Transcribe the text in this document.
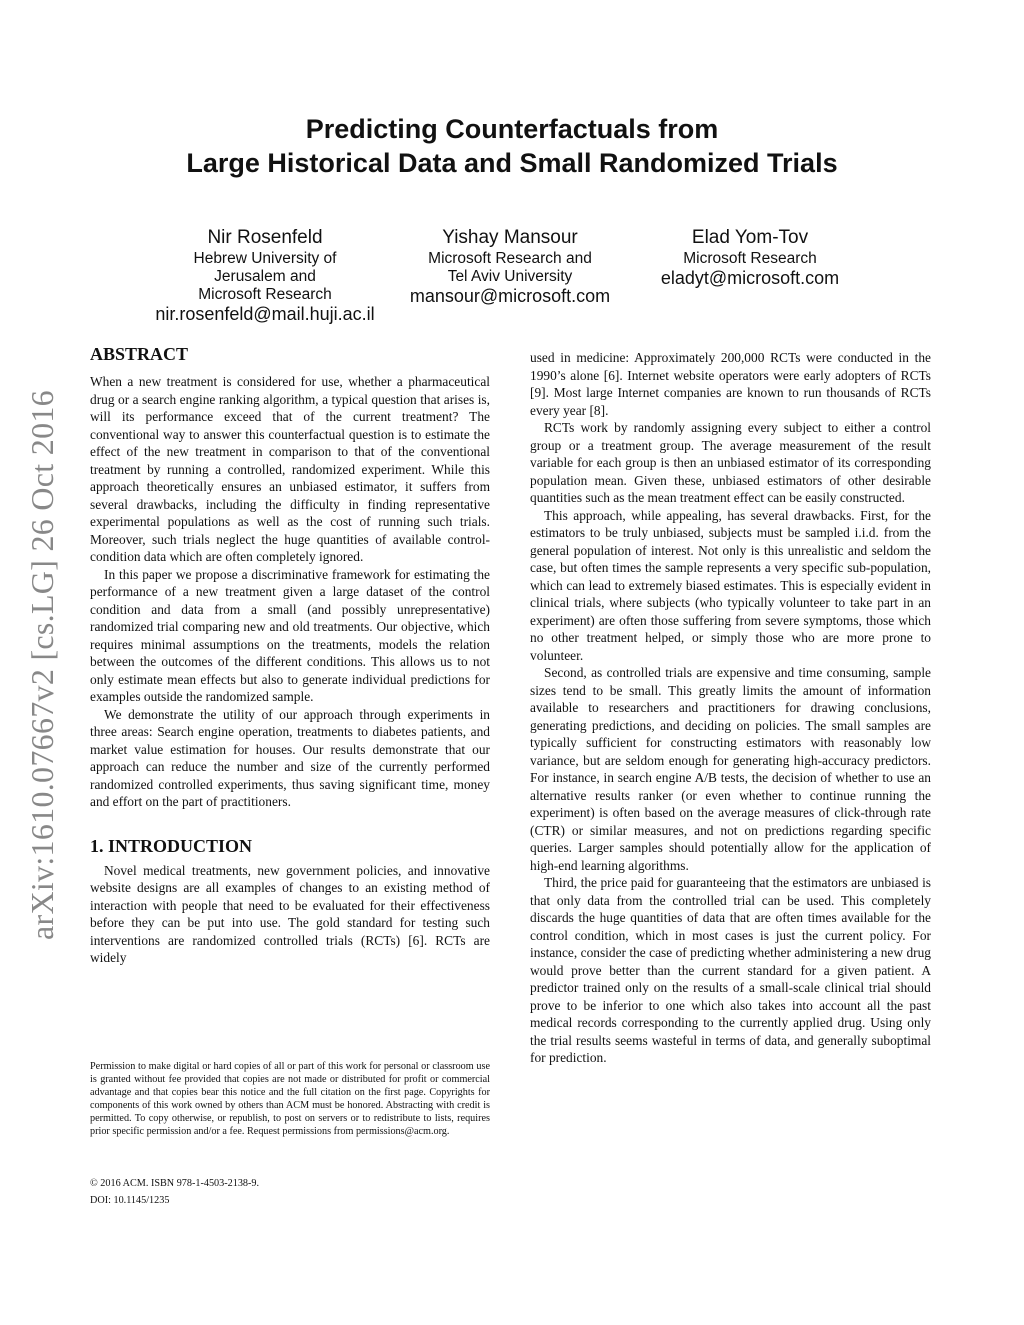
Predicting Counterfactuals from
Large Historical Data and Small Randomized Trials
Nir Rosenfeld
Hebrew University of
Jerusalem and
Microsoft Research
nir.rosenfeld@mail.huji.ac.il
Yishay Mansour
Microsoft Research and
Tel Aviv University
mansour@microsoft.com
Elad Yom-Tov
Microsoft Research
eladyt@microsoft.com
arXiv:1610.07667v2 [cs.LG] 26 Oct 2016
ABSTRACT

When a new treatment is considered for use, whether a pharmaceutical drug or a search engine ranking algorithm, a typical question that arises is, will its performance exceed that of the current treatment? The conventional way to answer this counterfactual question is to estimate the effect of the new treatment in comparison to that of the conventional treatment by running a controlled, randomized experiment. While this approach theoretically ensures an unbiased estimator, it suffers from several drawbacks, including the difficulty in finding representative experimental populations as well as the cost of running such trials. Moreover, such trials neglect the huge quantities of available control-condition data which are often completely ignored.

In this paper we propose a discriminative framework for estimating the performance of a new treatment given a large dataset of the control condition and data from a small (and possibly unrepresentative) randomized trial comparing new and old treatments. Our objective, which requires minimal assumptions on the treatments, models the relation between the outcomes of the different conditions. This allows us to not only estimate mean effects but also to generate individual predictions for examples outside the randomized sample.

We demonstrate the utility of our approach through experiments in three areas: Search engine operation, treatments to diabetes patients, and market value estimation for houses. Our results demonstrate that our approach can reduce the number and size of the currently performed randomized controlled experiments, thus saving significant time, money and effort on the part of practitioners.

1. INTRODUCTION

Novel medical treatments, new government policies, and innovative website designs are all examples of changes to an existing method of interaction with people that need to be evaluated for their effectiveness before they can be put into use. The gold standard for testing such interventions are randomized controlled trials (RCTs) [6]. RCTs are widely

Permission to make digital or hard copies of all or part of this work for personal or classroom use is granted without fee provided that copies are not made or distributed for profit or commercial advantage and that copies bear this notice and the full citation on the first page. Copyrights for components of this work owned by others than ACM must be honored. Abstracting with credit is permitted. To copy otherwise, or republish, to post on servers or to redistribute to lists, requires prior specific permission and/or a fee. Request permissions from permissions@acm.org.
© 2016 ACM. ISBN 978-1-4503-2138-9.
DOI: 10.1145/1235

used in medicine: Approximately 200,000 RCTs were conducted in the 1990’s alone [6]. Internet website operators were early adopters of RCTs [9]. Most large Internet companies are known to run thousands of RCTs every year [8].

RCTs work by randomly assigning every subject to either a control group or a treatment group. The average measurement of the result variable for each group is then an unbiased estimator of its corresponding population mean. Given these, unbiased estimators of other desirable quantities such as the mean treatment effect can be easily constructed.

This approach, while appealing, has several drawbacks. First, for the estimators to be truly unbiased, subjects must be sampled i.i.d. from the general population of interest. Not only is this unrealistic and seldom the case, but often times the sample represents a very specific sub-population, which can lead to extremely biased estimates. This is especially evident in clinical trials, where subjects (who typically volunteer to take part in an experiment) are often those suffering from severe symptoms, those which no other treatment helped, or simply those who are more prone to volunteer.

Second, as controlled trials are expensive and time consuming, sample sizes tend to be small. This greatly limits the amount of information available to researchers and practitioners for drawing conclusions, generating predictions, and deciding on policies. The small samples are typically sufficient for constructing estimators with reasonably low variance, but are seldom enough for generating high-accuracy predictors. For instance, in search engine A/B tests, the decision of whether to use an alternative results ranker (or even whether to continue running the experiment) is often based on the average measures of click-through rate (CTR) or similar measures, and not on predictions regarding specific queries. Larger samples should potentially allow for the application of high-end learning algorithms.

Third, the price paid for guaranteeing that the estimators are unbiased is that only data from the controlled trial can be used. This completely discards the huge quantities of data that are often times available for the control condition, which in most cases is just the current policy. For instance, consider the case of predicting whether administering a new drug would prove better than the current standard for a given patient. A predictor trained only on the results of a small-scale clinical trial should prove to be inferior to one which also takes into account all the past medical records corresponding to the currently applied drug. Using only the trial results seems wasteful in terms of data, and generally suboptimal for prediction.
